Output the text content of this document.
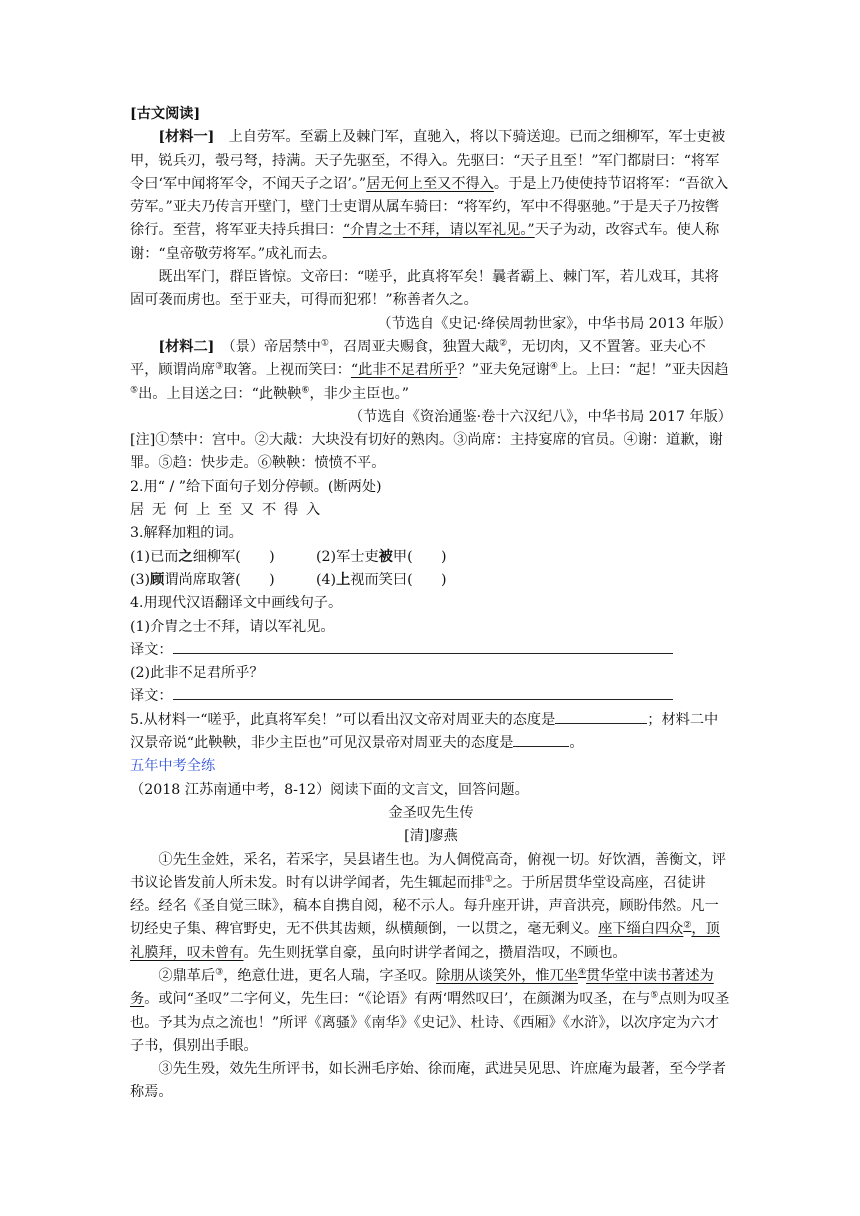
[古文阅读]

[材料一]　 上自劳军。至霸上及棘门军，直驰入，将以下骑送迎。已而之细柳军，军士吏被甲，锐兵刃，彀弓弩，持满。天子先驱至，不得入。先驱曰：“天子且至！”军门都尉曰：“将军令曰‘军中闻将军令，不闻天子之诏’。”居无何上至又不得入。于是上乃使使持节诏将军：“吾欲入劳军。”亚夫乃传言开壁门，壁门士吏谓从属车骑曰：“将军约，军中不得驱驰。”于是天子乃按辔徐行。至营，将军亚夫持兵揖曰：“介胄之士不拜，请以军礼见。”天子为动，改容式车。使人称谢：“皇帝敬劳将军。”成礼而去。

既出军门，群臣皆惊。文帝曰：“嗟乎，此真将军矣！曩者霸上、棘门军，若儿戏耳，其将固可袭而虏也。至于亚夫，可得而犯邪！”称善者久之。

（节选自《史记·绛侯周勃世家》，中华书局 2013 年版）

[材料二]　 （景）帝居禁中①，召周亚夫赐食，独置大胾②，无切肉，又不置箸。亚夫心不平，顾谓尚席③取箸。上视而笑曰：“此非不足君所乎？”亚夫免冠谢④上。上曰：“起！”亚夫因趋⑤出。上目送之曰：“此鞅鞅⑥，非少主臣也。”

（节选自《资治通鉴·卷十六汉纪八》，中华书局 2017 年版）

[注]①禁中：宫中。②大胾：大块没有切好的熟肉。③尚席：主持宴席的官员。④谢：道歉，谢罪。⑤趋：快步走。⑥鞅鞅：愤愤不平。

2.用“ / ”给下面句子划分停顿。(断两处)

居无何上至又不得入

3.解释加粗的词。

(1)已而之细柳军(　　)	(2)军士吏被甲(　　)

(3)顾谓尚席取箸(　　)	(4)上视而笑曰(　　)

4.用现代汉语翻译文中画线句子。

(1)介胄之士不拜，请以军礼见。

译文：

(2)此非不足君所乎？

译文：

5.从材料一“嗟乎，此真将军矣！”可以看出汉文帝对周亚夫的态度是	；材料二中汉景帝说“此鞅鞅，非少主臣也”可见汉景帝对周亚夫的态度是	。

五年中考全练

（2018 江苏南通中考，8-12）阅读下面的文言文，回答问题。

金圣叹先生传

[清]廖燕

①先生金姓，采名，若采字，吴县诸生也。为人倜傥高奇，俯视一切。好饮酒，善衡文，评书议论皆发前人所未发。时有以讲学闻者，先生辄起而排①之。于所居贯华堂设高座，召徒讲经。经名《圣自觉三昧》，稿本自携自阅，秘不示人。每升座开讲，声音洪亮，顾盼伟然。凡一切经史子集、稗官野史，无不供其齿颊，纵横颠倒，一以贯之，毫无剩义。座下缁白四众②，顶礼膜拜，叹未曾有。先生则抚掌自豪，虽向时讲学者闻之，攒眉浩叹，不顾也。

②鼎革后③，绝意仕进，更名人瑞，字圣叹。除朋从谈笑外，惟兀坐④贯华堂中读书著述为务。或问“圣叹”二字何义，先生曰：“《论语》有两‘喟然叹曰’，在颜渊为叹圣，在与⑤点则为叹圣也。予其为点之流也！”所评《离骚》《南华》《史记》、杜诗、《西厢》《水浒》，以次序定为六才子书，俱别出手眼。

③先生殁，效先生所评书，如长洲毛序始、徐而庵，武进吴见思、许庶庵为最著，至今学者称焉。
